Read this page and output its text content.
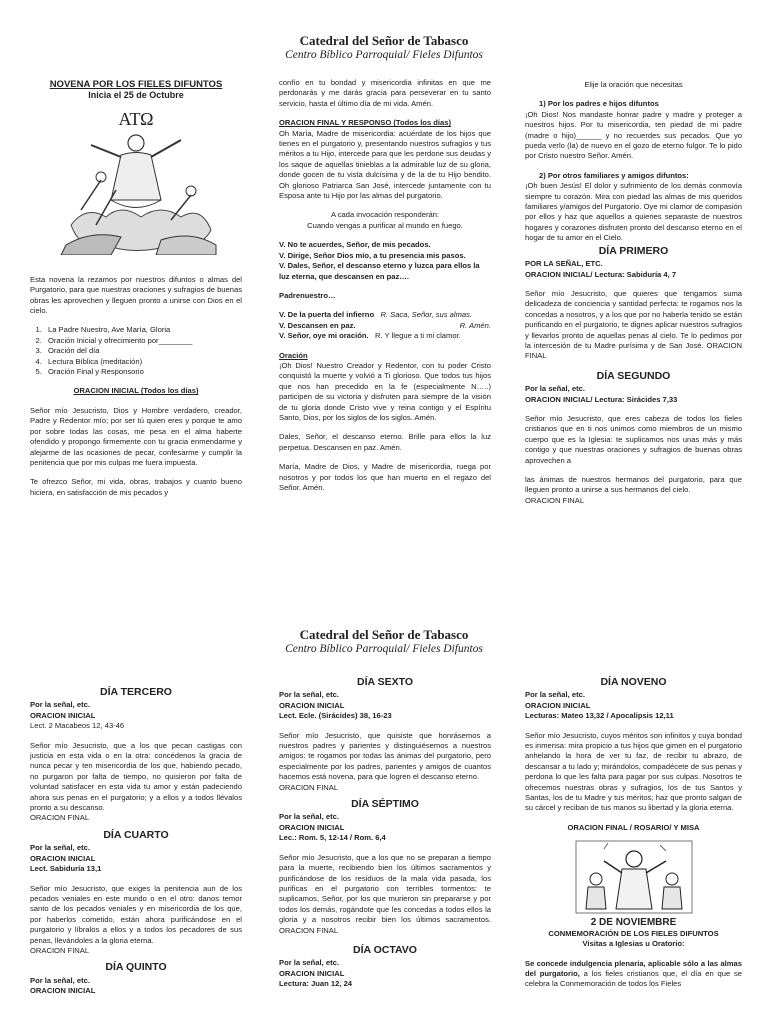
Catedral del Señor de Tabasco
Centro Bíblico Parroquial/ Fieles Difuntos
NOVENA POR LOS FIELES DIFUNTOS
Inicia el 25 de Octubre
ΑΤΩ

Esta novena la rezamos por nuestros difuntos o almas del Purgatorio, para que nuestras oraciones y sufragios de buenas obras les aprovechen y lleguen pronto a unirse con Dios en el cielo.

1. La Padre Nuestro, Ave María, Gloria
2. Oración Inicial y ofrecimiento por________
3. Oración del día
4. Lectura Bíblica (meditación)
5. Oración Final y Responsorio
ORACION INICIAL (Todos los días)

Señor mío Jesucristo, Dios y Hombre verdadero, creador, Padre y Redentor mío; por ser tú quien eres y porque te amo por sobre todas las cosas, me pesa en el alma haberte ofendido y propongo firmemente con tu gracia enmendarme y alejarme de las ocasiones de pecar, confesarme y cumplir la penitencia que por mis culpas me fuera impuesta.

Te ofrezco Señor, mi vida, obras, trabajos y cuanto bueno hiciera, en satisfacción de mis pecados y

confío en tu bondad y misericordia infinitas en que me perdonarás y me darás gracia para perseverar en tu santo servicio, hasta el último día de mi vida. Amén.

ORACION FINAL Y RESPONSO (Todos los días)

Oh María, Madre de misericordia: acuérdate de los hijos que tienes en el purgatorio y, presentando nuestros sufragios y tus méritos a tu Hijo, intercede para que les perdone sus deudas y los saque de aquellas tinieblas a la admirable luz de su gloria, donde gocen de tu vista dulcísima y de la de tu Hijo bendito. Oh glorioso Patriarca San José, intercede juntamente con tu Esposa ante tu Hijo por las almas del purgatorio.

A cada invocación responderán:
Cuando vengas a purificar al mundo en fuego.
V. No te acuerdes, Señor, de mis pecados.
V. Dirige, Señor Dios mío, a tu presencia mis pasos.
V. Dales, Señor, el descanso eterno y luzca para ellos la luz eterna, que descansen en paz….
Padrenuestro…
V. De la puerta del infierno R. Saca, Señor, sus almas.
V. Descansen en paz.	R. Amén.
V. Señor, oye mi oración. R. Y llegue a ti mi clamor.
Oración

¡Oh Dios! Nuestro Creador y Redentor, con tu poder Cristo conquistó la muerte y volvió a Ti glorioso. Que todos tus hijos que nos han precedido en la fe (especialmente N…..) participen de su victoria y disfruten para siempre de la visión de tu gloria donde Cristo vive y reina contigo y el Espíritu Santo, Dios, por los siglos de los siglos. Amén.

Dales, Señor, el descanso eterno. Brille para ellos la luz perpetua. Descansen en paz. Amén.

María, Madre de Dios, y Madre de misericordia, ruega por nosotros y por todos los que han muerto en el regazo del Señor. Amén.

Elije la oración que necesitas
1) Por los padres e hijos difuntos

¡Oh Dios! Nos mandaste honrar padre y madre y proteger a nuestros hijos. Por tu misericordia, ten piedad de mi padre (madre o hijo)______ y no recuerdes sus pecados. Que yo pueda verlo (la) de nuevo en el gozo de eterno fulgor. Te lo pido por Cristo nuestro Señor. Amén.

2) Por otros familiares y amigos difuntos:

¡Oh buen Jesús! El dolor y sufrimiento de los demás conmovía siempre tu corazón. Mira con piedad las almas de mis queridos familiares y/amigos del Purgatorio. Oye mi clamor de compasión por ellos y haz que aquellos a quienes separaste de nuestros hogares y corazones disfruten pronto del descanso eterno en el hogar de tu amor en el Cielo.

DÍA PRIMERO
POR LA SEÑAL, ETC.
ORACION INICIAL/ Lectura: Sabiduría 4, 7

Señor mío Jesucristo, que quieres que tengamos suma delicadeza de conciencia y santidad perfecta: te rogamos nos la concedas a nosotros, y a los que por no haberla tenido se están purificando en el purgatorio, te dignes aplicar nuestros sufragios y llevarlos pronto de aquellas penas al cielo. Te lo pedimos por la intercesión de tu Madre purísima y de San José. ORACION FINAL

DÍA SEGUNDO
Por la señal, etc.
ORACION INICIAL/ Lectura: Sirácides 7,33

Señor mío Jesucristo, que eres cabeza de todos los fieles cristianos que en ti nos unimos como miembros de un mismo cuerpo que es la Iglesia: te suplicamos nos unas más y más contigo y que nuestras oraciones y sufragios de buenas obras aprovechen a

las ánimas de nuestros hermanos del purgatorio, para que lleguen pronto a unirse a sus hermanos del cielo.

ORACION FINAL
Catedral del Señor de Tabasco
Centro Bíblico Parroquial/ Fieles Difuntos
DÍA TERCERO
Por la señal, etc.
ORACION INICIAL
Lect. 2 Macabeos 12, 43-46

Señor mío Jesucristo, que a los que pecan castigas con justicia en esta vida o en la otra: concédenos la gracia de nunca pecar y ten misericordia de los que, habiendo pecado, no purgaron por falta de tiempo, no quisieron por falta de voluntad satisfacer en esta vida tu amor y están padeciendo ahora sus penas en el purgatorio; y a ellos y a todos llévalos pronto a su descanso.

ORACION FINAL
DÍA CUARTO
Por la señal, etc.
ORACION INICIAL
Lect. Sabiduría 13,1

Señor mío Jesucristo, que exiges la penitencia aun de los pecados veniales en este mundo o en el otro: danos temor santo de los pecados veniales y en misericordia de los que, por haberlos cometido, están ahora purificándose en el purgatorio y líbralos a ellos y a todos los pecadores de sus penas, llevándoles a la gloria eterna.

ORACION FINAL
DÍA QUINTO
Por la señal, etc.
ORACION INICIAL
DÍA SEXTO
Por la señal, etc.
ORACION INICIAL
Lect. Ecle. (Sirácides) 38, 16-23

Señor mío Jesucristo, que quisiste que honrásemos a nuestros padres y parientes y distinguiésemos a nuestros amigos: te rogamos por todas las ánimas del purgatorio, pero especialmente por los padres, parientes y amigos de cuantos hacemos está novena, para que logren el descanso eterno.

ORACION FINAL
DÍA SÉPTIMO
Por la señal, etc.
ORACION INICIAL
Lec.: Rom. 5, 12-14 / Rom. 6,4

Señor mío Jesucristo, que a los que no se preparan a tiempo para la muerte, recibiendo bien los últimos sacramentos y purificándose de los residuos de la mala vida pasada, los purificas en el purgatorio con terribles tormentos: te suplicamos, Señor, por los que murieron sin prepararse y por todos los demás, rogándote que les concedas a todos ellos la gloria y a nosotros recibir bien los últimos sacramentos. ORACION FINAL

DÍA OCTAVO
Por la señal, etc.
ORACION INICIAL
Lectura: Juan 12, 24
DÍA NOVENO
Por la señal, etc.
ORACION INICIAL
Lecturas: Mateo 13,32 / Apocalipsis 12,11

Señor mío Jesucristo, cuyos méritos son infinitos y cuya bondad es inmensa: mira propicio a tus hijos que gimen en el purgatorio anhelando la hora de ver tu faz, de recibir tu abrazo, de descansar a tu lado y; mirándolos, compadécete de sus penas y perdona lo que les falta para pagar por sus culpas. Nosotros te ofrecemos nuestras obras y sufragios, los de tus Santos y Santas, los de tu Madre y tus méritos; haz que pronto salgan de su cárcel y reciban de tus manos su libertad y la gloria eterna.

ORACION FINAL / ROSARIO/ Y MISA
2 DE NOVIEMBRE
CONMEMORACIÓN DE LOS FIELES DIFUNTOS
Visitas a Iglesias u Oratorio:

Se concede indulgencia plenaria, aplicable sólo a las almas del purgatorio, a los fieles cristianos que, el día en que se celebra la Conmemoración de todos los Fieles
